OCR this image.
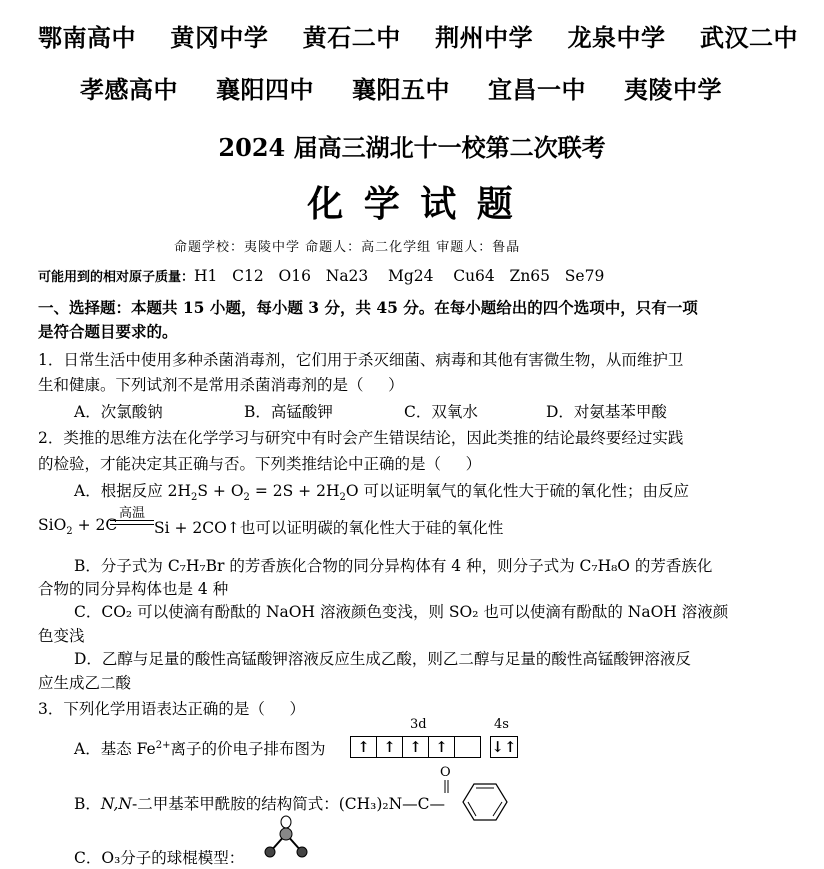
鄂南高中 黄冈中学 黄石二中 荆州中学 龙泉中学 武汉二中
孝感高中 襄阳四中 襄阳五中 宜昌一中 夷陵中学
2024 届高三湖北十一校第二次联考
化 学 试 题
命题学校：夷陵中学 命题人：高二化学组 审题人：鲁晶
可能用到的相对原子质量：H1   C12   O16   Na23    Mg24    Cu64   Zn65   Se79
一、选择题：本题共 15 小题，每小题 3 分，共 45 分。在每小题给出的四个选项中，只有一项
是符合题目要求的。
1．日常生活中使用多种杀菌消毒剂，它们用于杀灭细菌、病毒和其他有害微生物，从而维护卫
生和健康。下列试剂不是常用杀菌消毒剂的是（     ）
A．次氯酸钠	B．高锰酸钾	C．双氧水	D．对氨基苯甲酸
2．类推的思维方法在化学学习与研究中有时会产生错误结论，因此类推的结论最终要经过实践
的检验，才能决定其正确与否。下列类推结论中正确的是（     ）
A．根据反应 $2H_2S + O_2 = 2S + 2H_2O$ 可以证明氧气的氧化性大于硫的氧化性；由反应
SiO$_2$ + 2C
高温
Si + 2CO↑也可以证明碳的氧化性大于硅的氧化性
B．分子式为 C₇H₇Br 的芳香族化合物的同分异构体有 4 种，则分子式为 C₇H₈O 的芳香族化
合物的同分异构体也是 4 种
C．CO₂ 可以使滴有酚酞的 NaOH 溶液颜色变浅，则 SO₂ 也可以使滴有酚酞的 NaOH 溶液颜
色变浅
D．乙醇与足量的酸性高锰酸钾溶液反应生成乙酸，则乙二醇与足量的酸性高锰酸钾溶液反
应生成乙二酸
3．下列化学用语表达正确的是（     ）
3d	4s
A．基态 $Fe^{2+}$离子的价电子排布图为	↑ ↑ ↑ ↑	↓↑
B．N,N-二甲基苯甲酰胺的结构简式：(CH₃)₂N—C—
O
C．O₃分子的球棍模型：
